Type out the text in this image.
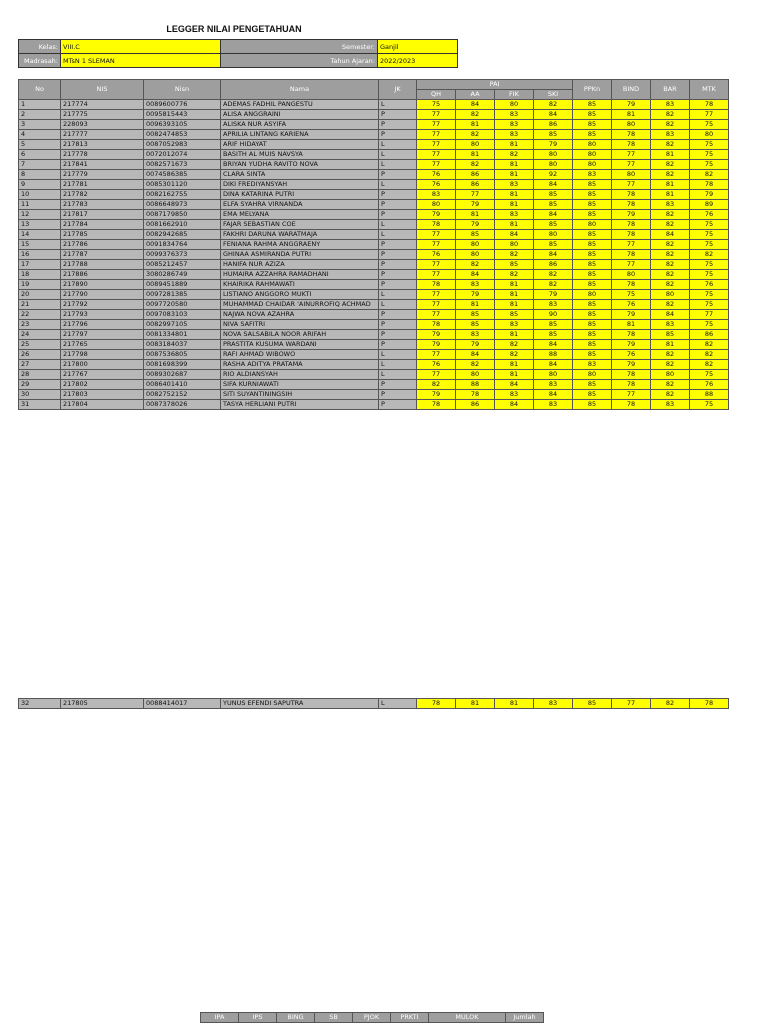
LEGGER NILAI PENGETAHUAN
Kelas:	VIII.C	Semester:	Ganjil
Madrasah:	MTsN 1 SLEMAN	Tahun Ajaran:	2022/2023
No	NIS	Nisn	Nama	JK	PAI				PPKn	BIND	BAR	MTK
					QH	AA	FIK	SKI				
1	217774	0089600776	ADEMAS FADHIL PANGESTU	L	75	84	80	82	85	79	83	78
2	217775	0095815443	ALISA ANGGRAINI	P	77	82	83	84	85	81	82	77
3	228093	0096393105	ALISKA NUR ASYIFA	P	77	81	83	86	85	80	82	75
4	217777	0082474853	APRILIA LINTANG KARIENA	P	77	82	83	85	85	78	83	80
5	217813	0087052983	ARIF HIDAYAT	L	77	80	81	79	80	78	82	75
6	217778	0072012074	BASITH AL MUIS NAVSYA	L	77	81	82	80	80	77	81	75
7	217841	0082571673	BRIYAN YUDHA RAVITO NOVA	L	77	82	81	80	80	77	82	75
8	217779	0074586385	CLARA SINTA	P	76	86	81	92	83	80	82	82
9	217781	0085301120	DIKI FREDIYANSYAH	L	76	86	83	84	85	77	81	78
10	217782	0082162755	DINA KATARINA PUTRI	P	83	77	81	85	85	78	81	79
11	217783	0086648973	ELFA SYAHRA VIRNANDA	P	80	79	81	85	85	78	83	89
12	217817	0087179850	EMA MELYANA	P	79	81	83	84	85	79	82	76
13	217784	0081662910	FAJAR SEBASTIAN COE	L	78	79	81	85	80	78	82	75
14	217785	0082942685	FAKHRI DARUNA WARATMAJA	L	77	85	84	80	85	78	84	75
15	217786	0091834764	FENIANA RAHMA ANGGRAENY	P	77	80	80	85	85	77	82	75
16	217787	0099376373	GHINAA ASMIRANDA PUTRI	P	76	80	82	84	85	78	82	82
17	217788	0085212457	HANIFA NUR AZIZA	P	77	82	85	86	85	77	82	75
18	217886	3080286749	HUMAIRA AZZAHRA RAMADHANI	P	77	84	82	82	85	80	82	75
19	217890	0089451889	KHAIRIKA RAHMAWATI	P	78	83	81	82	85	78	82	76
20	217790	0097281385	LISTIANO ANGGORO MUKTI	L	77	79	81	79	80	75	80	75
21	217792	0097720580	MUHAMMAD CHAIDAR 'AINURROFIQ ACHMAD	L	77	81	81	83	85	76	82	75
22	217793	0097083103	NAJWA NOVA AZAHRA	P	77	85	85	90	85	79	84	77
23	217796	0082997105	NIVA SAFITRI	P	78	85	83	85	85	81	83	75
24	217797	0081334801	NOVA SALSABILA NOOR ARIFAH	P	79	83	81	85	85	78	85	86
25	217765	0083184037	PRASTITA KUSUMA WARDANI	P	79	79	82	84	85	79	81	82
26	217798	0087536805	RAFI AHMAD WIBOWO	L	77	84	82	88	85	76	82	82
27	217800	0081698399	RASHA ADITYA PRATAMA	L	76	82	81	84	83	79	82	82
28	217767	0089302687	RIO ALDIANSYAH	L	77	80	81	80	80	78	80	75
29	217802	0086401410	SIFA KURNIAWATI	P	82	88	84	83	85	78	82	76
30	217803	0082752152	SITI SUYANTININGSIH	P	79	78	83	84	85	77	82	88
31	217804	0087378026	TASYA HERLIANI PUTRI	P	78	86	84	83	85	78	83	75
32	217805	0088414017	YUNUS EFENDI SAPUTRA	L	78	81	81	83	85	77	82	78
IPA	IPS	BING	SB	PJOK	PRKTI	MULOK	Jumlah
